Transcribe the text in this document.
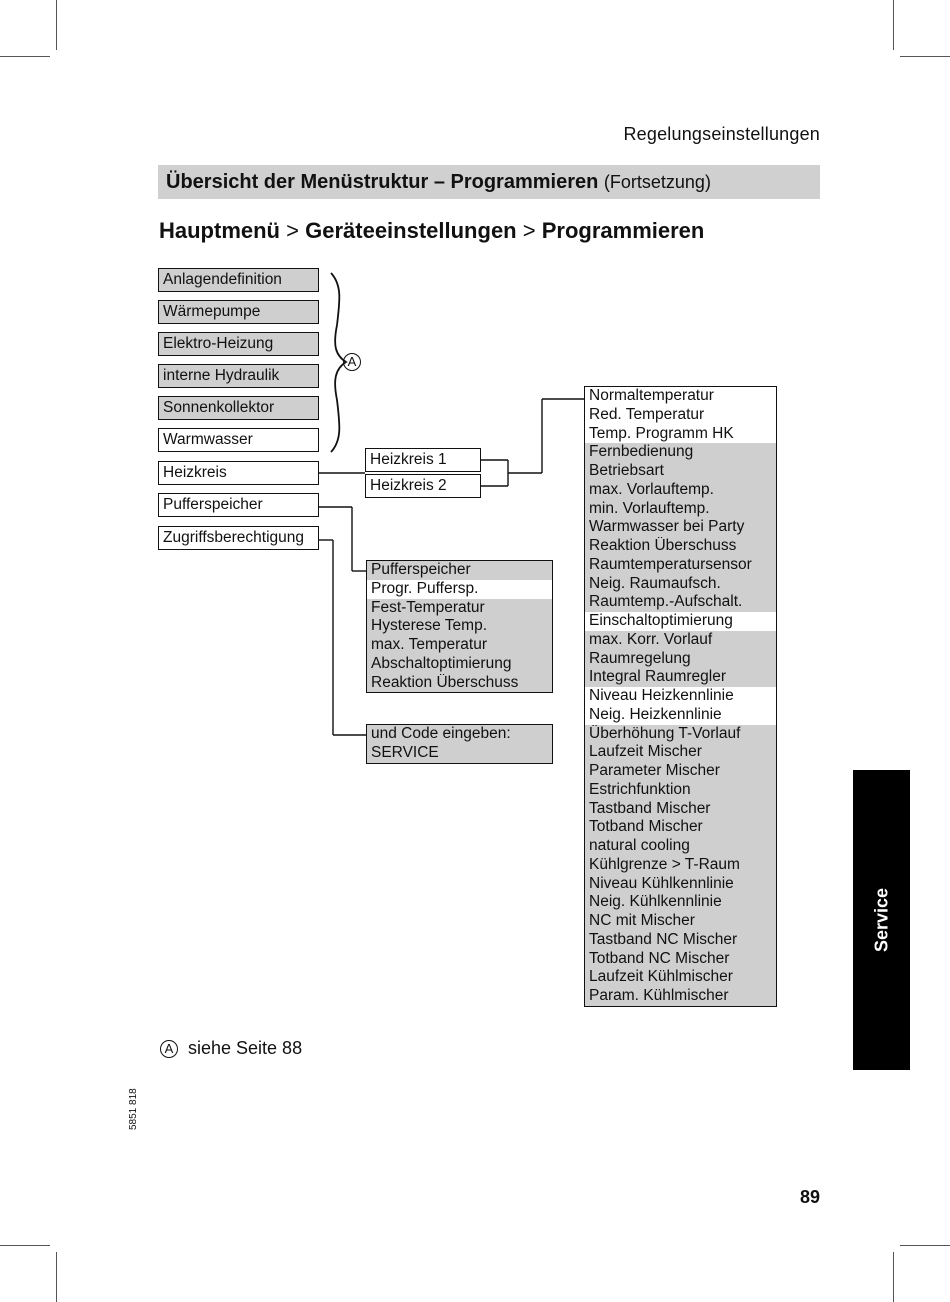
Regelungseinstellungen
Übersicht der Menüstruktur – Programmieren (Fortsetzung)
Hauptmenü > Geräteeinstellungen > Programmieren
A
Anlagendefinition
Wärmepumpe
Elektro-Heizung
interne Hydraulik
Sonnenkollektor
Warmwasser
Heizkreis
Pufferspeicher
Zugriffsberechtigung
Heizkreis 1
Heizkreis 2
Normaltemperatur
Red. Temperatur
Temp. Programm HK
Fernbedienung
Betriebsart
max. Vorlauftemp.
min. Vorlauftemp.
Warmwasser bei Party
Reaktion Überschuss
Raumtemperatursensor
Neig. Raumaufsch.
Raumtemp.-Aufschalt.
Einschaltoptimierung
max. Korr. Vorlauf
Raumregelung
Integral Raumregler
Niveau Heizkennlinie
Neig. Heizkennlinie
Überhöhung T-Vorlauf
Laufzeit Mischer
Parameter Mischer
Estrichfunktion
Tastband Mischer
Totband Mischer
natural cooling
Kühlgrenze > T-Raum
Niveau Kühlkennlinie
Neig. Kühlkennlinie
NC mit Mischer
Tastband NC Mischer
Totband NC Mischer
Laufzeit Kühlmischer
Param. Kühlmischer
Pufferspeicher
Progr. Puffersp.
Fest-Temperatur
Hysterese Temp.
max. Temperatur
Abschaltoptimierung
Reaktion Überschuss
und Code eingeben:
SERVICE
A siehe Seite 88
Service
5851 818
89
